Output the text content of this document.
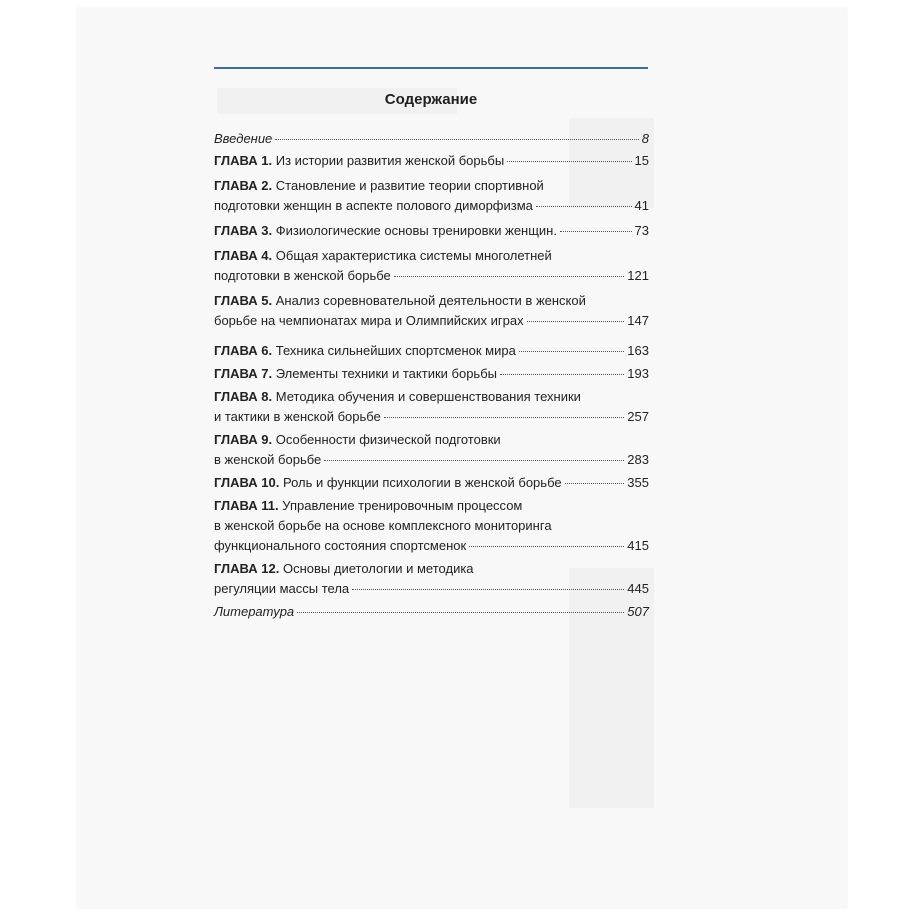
Содержание
Введение	8
ГЛАВА 1. Из истории развития женской борьбы	15
ГЛАВА 2. Становление и развитие теории спортивной
подготовки женщин в аспекте полового диморфизма	41
ГЛАВА 3. Физиологические основы тренировки женщин.	73
ГЛАВА 4. Общая характеристика системы многолетней
подготовки в женской борьбе	121
ГЛАВА 5. Анализ соревновательной деятельности в женской
борьбе на чемпионатах мира и Олимпийских играх	147
ГЛАВА 6. Техника сильнейших спортсменок мира	163
ГЛАВА 7. Элементы техники и тактики борьбы	193
ГЛАВА 8. Методика обучения и совершенствования техники
и тактики в женской борьбе	257
ГЛАВА 9. Особенности физической подготовки
в женской борьбе	283
ГЛАВА 10. Роль и функции психологии в женской борьбе	355
ГЛАВА 11. Управление тренировочным процессом
в женской борьбе на основе комплексного мониторинга
функционального состояния спортсменок	415
ГЛАВА 12. Основы диетологии и методика
регуляции массы тела	445
Литература	507
